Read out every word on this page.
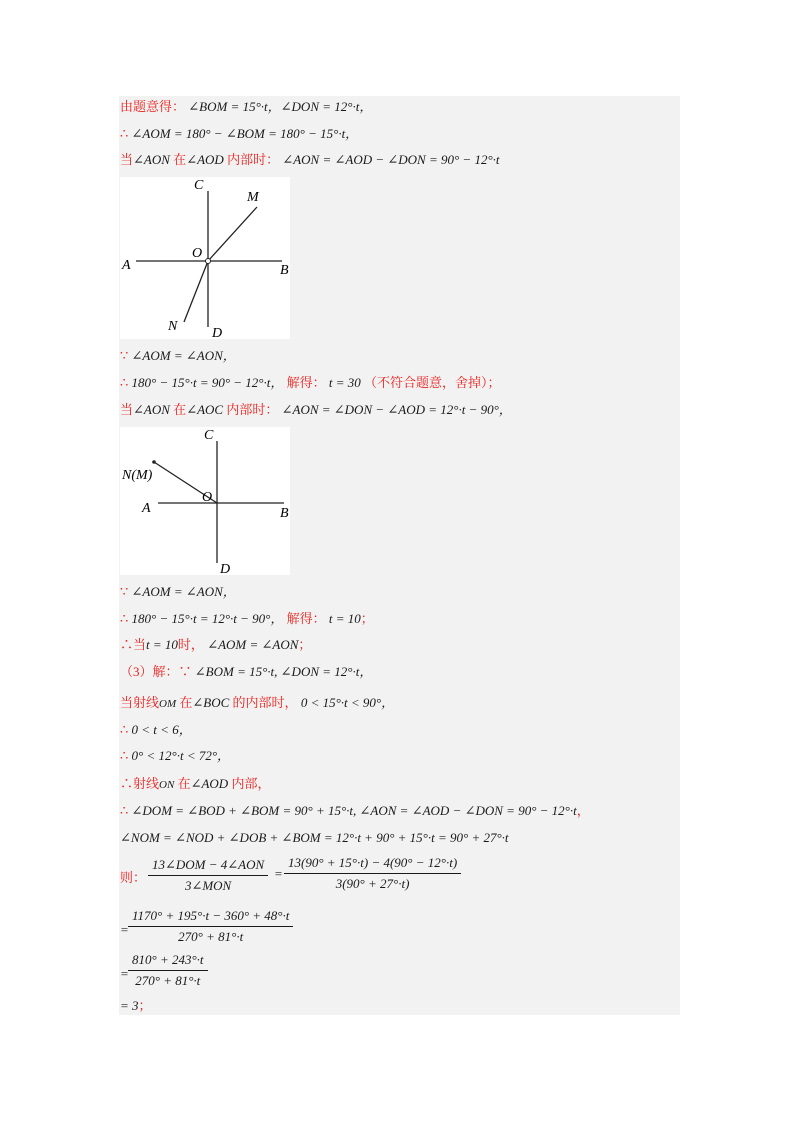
由题意得： ∠BOM = 15°·t，∠DON = 12°·t，
∴ ∠AOM = 180° − ∠BOM = 180° − 15°·t，
当∠AON 在∠AOD 内部时： ∠AON = ∠AOD − ∠DON = 90° − 12°·t
C
M
O
A	B
N D
∵ ∠AOM = ∠AON，
∴ 180° − 15°·t = 90° − 12°·t， 解得： t = 30 （不符合题意，舍掉）；
当∠AON 在∠AOC 内部时： ∠AON = ∠DON − ∠AOD = 12°·t − 90°，
C
N(M)
O
A	B
D
∵ ∠AOM = ∠AON，
∴ 180° − 15°·t = 12°·t − 90°， 解得： t = 10；
∴当t = 10时， ∠AOM = ∠AON；
（3）解：∵ ∠BOM = 15°·t, ∠DON = 12°·t，
当射线OM 在∠BOC 的内部时， 0 < 15°·t < 90°，
∴ 0 < t < 6，
∴ 0° < 12°·t < 72°，
∴射线ON 在∠AOD 内部，
∴ ∠DOM = ∠BOD + ∠BOM = 90° + 15°·t, ∠AON = ∠AOD − ∠DON = 90° − 12°·t，
∠NOM = ∠NOD + ∠DOB + ∠BOM = 12°·t + 90° + 15°·t = 90° + 27°·t
则：
13∠DOM − 4∠AON
3∠MON
= $\frac{13(90^\circ + 15^\circ\cdot t) - 4(90^\circ - 12^\circ\cdot t)}{3(90^\circ + 27^\circ\cdot t)}$
= $\frac{1170^\circ + 195^\circ\cdot t - 360^\circ + 48^\circ\cdot t}{270^\circ + 81^\circ\cdot t}$
= $\frac{810^\circ + 243^\circ\cdot t}{270^\circ + 81^\circ\cdot t}$
= 3；
